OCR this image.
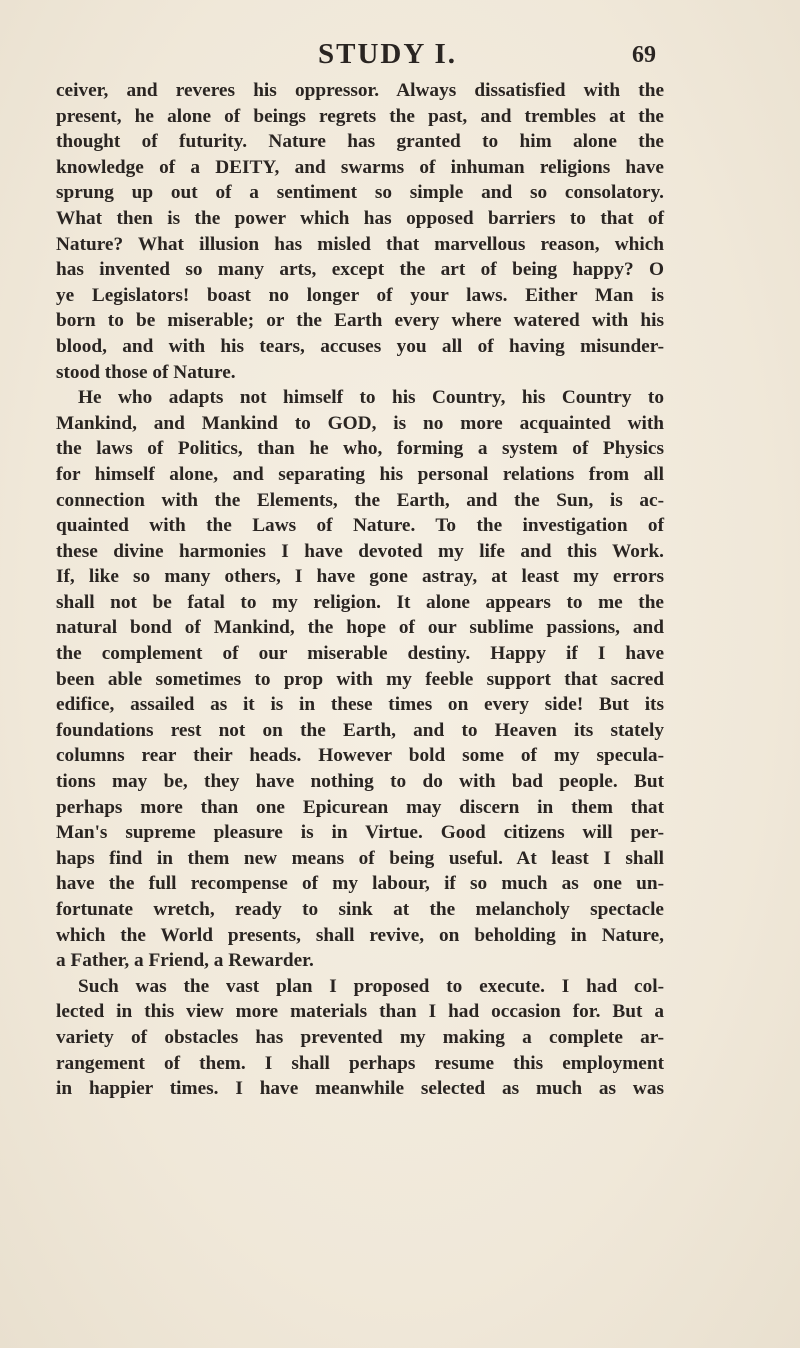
STUDY I.	69
ceiver, and reveres his oppressor. Always dissatisfied with the
present, he alone of beings regrets the past, and trembles at the
thought of futurity. Nature has granted to him alone the
knowledge of a DEITY, and swarms of inhuman religions have
sprung up out of a sentiment so simple and so consolatory.
What then is the power which has opposed barriers to that of
Nature? What illusion has misled that marvellous reason, which
has invented so many arts, except the art of being happy? O
ye Legislators! boast no longer of your laws. Either Man is
born to be miserable; or the Earth every where watered with his
blood, and with his tears, accuses you all of having misunder-
stood those of Nature.
He who adapts not himself to his Country, his Country to
Mankind, and Mankind to GOD, is no more acquainted with
the laws of Politics, than he who, forming a system of Physics
for himself alone, and separating his personal relations from all
connection with the Elements, the Earth, and the Sun, is ac-
quainted with the Laws of Nature. To the investigation of
these divine harmonies I have devoted my life and this Work.
If, like so many others, I have gone astray, at least my errors
shall not be fatal to my religion. It alone appears to me the
natural bond of Mankind, the hope of our sublime passions, and
the complement of our miserable destiny. Happy if I have
been able sometimes to prop with my feeble support that sacred
edifice, assailed as it is in these times on every side! But its
foundations rest not on the Earth, and to Heaven its stately
columns rear their heads. However bold some of my specula-
tions may be, they have nothing to do with bad people. But
perhaps more than one Epicurean may discern in them that
Man's supreme pleasure is in Virtue. Good citizens will per-
haps find in them new means of being useful. At least I shall
have the full recompense of my labour, if so much as one un-
fortunate wretch, ready to sink at the melancholy spectacle
which the World presents, shall revive, on beholding in Nature,
a Father, a Friend, a Rewarder.
Such was the vast plan I proposed to execute. I had col-
lected in this view more materials than I had occasion for. But a
variety of obstacles has prevented my making a complete ar-
rangement of them. I shall perhaps resume this employment
in happier times. I have meanwhile selected as much as was
